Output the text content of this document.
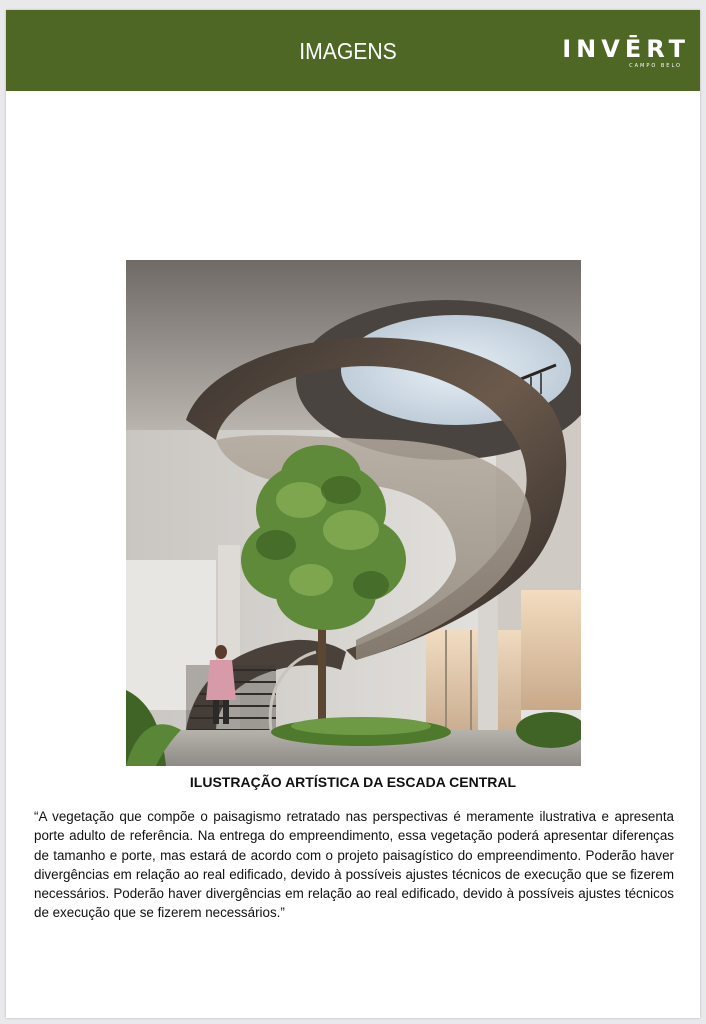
IMAGENS	INVĒRT
CAMPO BELO
ILUSTRAÇÃO ARTÍSTICA DA ESCADA CENTRAL
“A vegetação que compõe o paisagismo retratado nas perspectivas é meramente ilustrativa e apresenta porte adulto de referência. Na entrega do empreendimento, essa vegetação poderá apresentar diferenças de tamanho e porte, mas estará de acordo com o projeto paisagístico do empreendimento. Poderão haver divergências em relação ao real edificado, devido à possíveis ajustes técnicos de execução que se fizerem necessários. Poderão haver divergências em relação ao real edificado, devido à possíveis ajustes técnicos de execução que se fizerem necessários.”
